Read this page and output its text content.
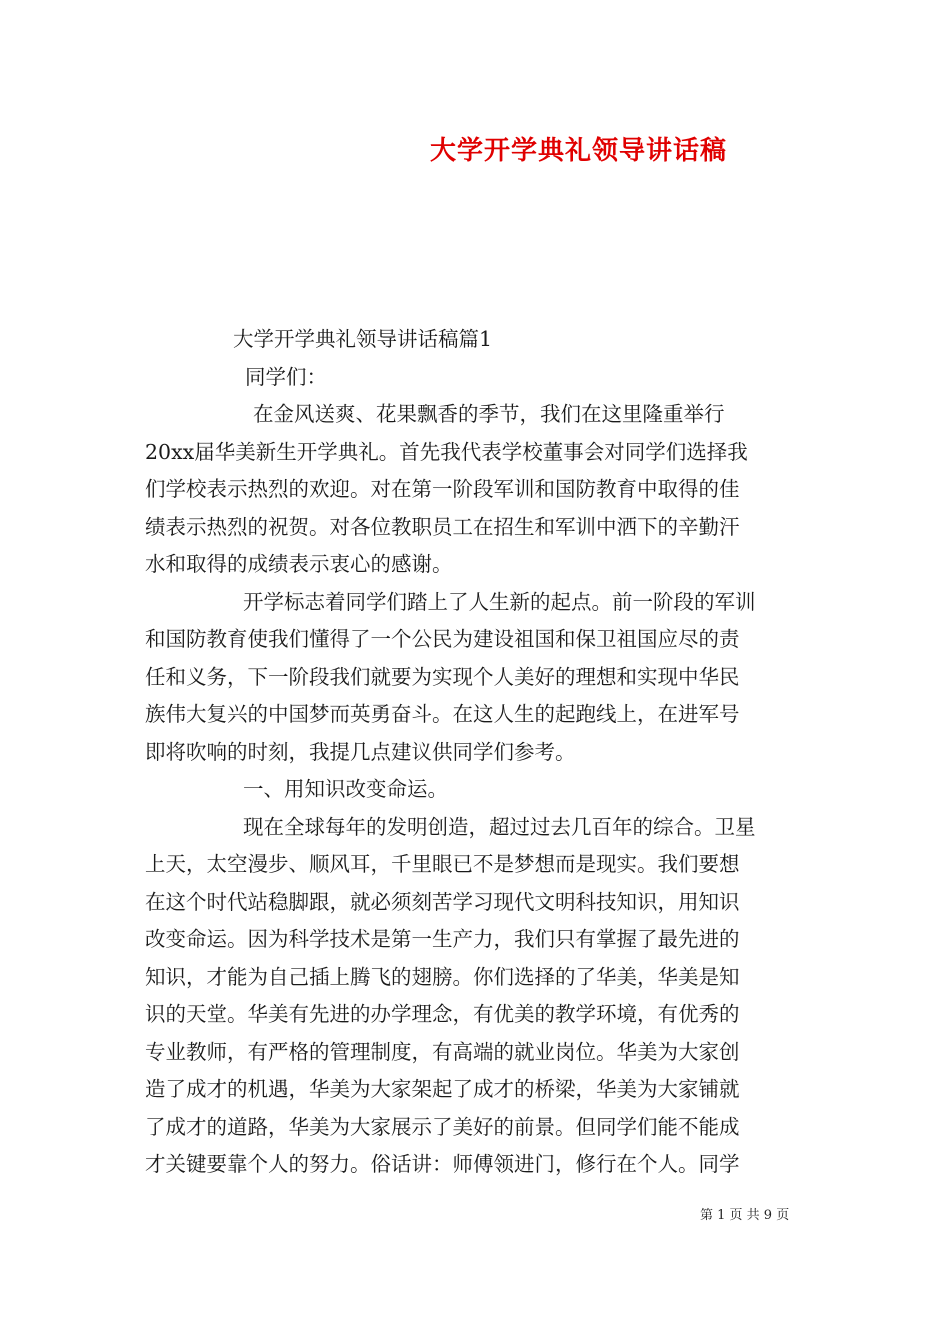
大学开学典礼领导讲话稿
大学开学典礼领导讲话稿篇1
同学们：
在金风送爽、花果飘香的季节，我们在这里隆重举行
20xx届华美新生开学典礼。首先我代表学校董事会对同学们选择我
们学校表示热烈的欢迎。对在第一阶段军训和国防教育中取得的佳
绩表示热烈的祝贺。对各位教职员工在招生和军训中洒下的辛勤汗
水和取得的成绩表示衷心的感谢。
开学标志着同学们踏上了人生新的起点。前一阶段的军训
和国防教育使我们懂得了一个公民为建设祖国和保卫祖国应尽的责
任和义务，下一阶段我们就要为实现个人美好的理想和实现中华民
族伟大复兴的中国梦而英勇奋斗。在这人生的起跑线上，在进军号
即将吹响的时刻，我提几点建议供同学们参考。
一、用知识改变命运。
现在全球每年的发明创造，超过过去几百年的综合。卫星
上天，太空漫步、顺风耳，千里眼已不是梦想而是现实。我们要想
在这个时代站稳脚跟，就必须刻苦学习现代文明科技知识，用知识
改变命运。因为科学技术是第一生产力，我们只有掌握了最先进的
知识，才能为自己插上腾飞的翅膀。你们选择的了华美，华美是知
识的天堂。华美有先进的办学理念，有优美的教学环境，有优秀的
专业教师，有严格的管理制度，有高端的就业岗位。华美为大家创
造了成才的机遇，华美为大家架起了成才的桥梁，华美为大家铺就
了成才的道路，华美为大家展示了美好的前景。但同学们能不能成
才关键要靠个人的努力。俗话讲：师傅领进门，修行在个人。同学
第 1 页 共 9 页
